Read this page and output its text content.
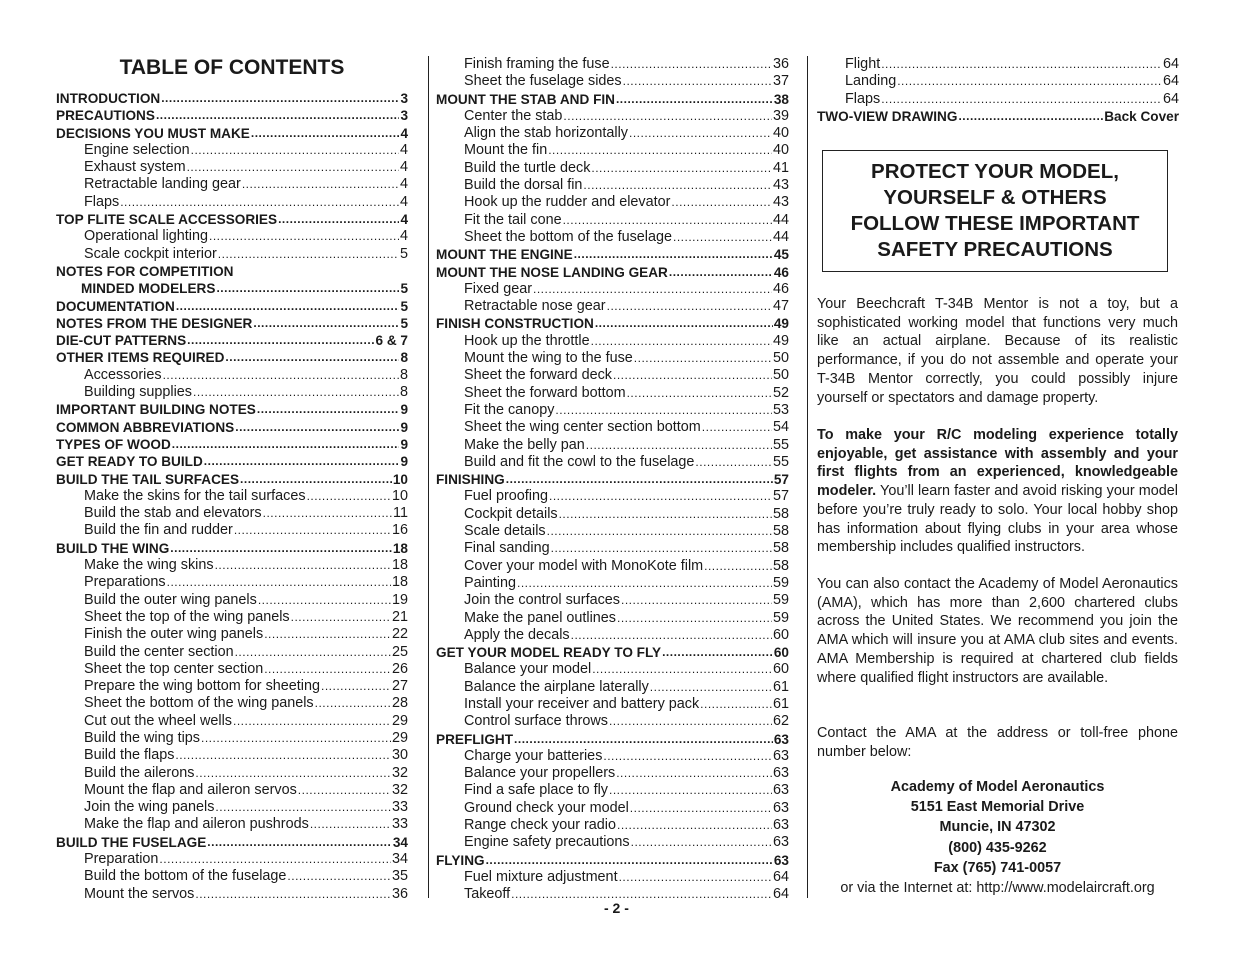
TABLE OF CONTENTS
INTRODUCTION .....	3
PRECAUTIONS .....	3
DECISIONS YOU MUST MAKE .....	4
Engine selection .....	4
Exhaust system .....	4
Retractable landing gear .....	4
Flaps .....	4
TOP FLITE SCALE ACCESSORIES .....	4
Operational lighting .....	4
Scale cockpit interior .....	5
NOTES FOR COMPETITION
MINDED MODELERS .....	5
DOCUMENTATION .....	5
NOTES FROM THE DESIGNER .....	5
DIE-CUT PATTERNS .....	6 & 7
OTHER ITEMS REQUIRED .....	8
Accessories .....	8
Building supplies .....	8
IMPORTANT BUILDING NOTES .....	9
COMMON ABBREVIATIONS .....	9
TYPES OF WOOD .....	9
GET READY TO BUILD .....	9
BUILD THE TAIL SURFACES .....	10
Make the skins for the tail surfaces .....	10
Build the stab and elevators .....	11
Build the fin and rudder .....	16
BUILD THE WING .....	18
Make the wing skins .....	18
Preparations .....	18
Build the outer wing panels .....	19
Sheet the top of the wing panels .....	21
Finish the outer wing panels .....	22
Build the center section .....	25
Sheet the top center section .....	26
Prepare the wing bottom for sheeting .....	27
Sheet the bottom of the wing panels .....	28
Cut out the wheel wells .....	29
Build the wing tips .....	29
Build the flaps .....	30
Build the ailerons .....	32
Mount the flap and aileron servos .....	32
Join the wing panels .....	33
Make the flap and aileron pushrods .....	33
BUILD THE FUSELAGE .....	34
Preparation .....	34
Build the bottom of the fuselage .....	35
Mount the servos .....	36
Finish framing the fuse .....	36
Sheet the fuselage sides .....	37
MOUNT THE STAB AND FIN .....	38
Center the stab .....	39
Align the stab horizontally .....	40
Mount the fin .....	40
Build the turtle deck .....	41
Build the dorsal fin .....	43
Hook up the rudder and elevator .....	43
Fit the tail cone .....	44
Sheet the bottom of the fuselage .....	44
MOUNT THE ENGINE .....	45
MOUNT THE NOSE LANDING GEAR .....	46
Fixed gear .....	46
Retractable nose gear .....	47
FINISH CONSTRUCTION .....	49
Hook up the throttle .....	49
Mount the wing to the fuse .....	50
Sheet the forward deck .....	50
Sheet the forward bottom .....	52
Fit the canopy .....	53
Sheet the wing center section bottom .....	54
Make the belly pan .....	55
Build and fit the cowl to the fuselage .....	55
FINISHING .....	57
Fuel proofing .....	57
Cockpit details .....	58
Scale details .....	58
Final sanding .....	58
Cover your model with MonoKote film .....	58
Painting .....	59
Join the control surfaces .....	59
Make the panel outlines .....	59
Apply the decals .....	60
GET YOUR MODEL READY TO FLY .....	60
Balance your model .....	60
Balance the airplane laterally .....	61
Install your receiver and battery pack .....	61
Control surface throws .....	62
PREFLIGHT .....	63
Charge your batteries .....	63
Balance your propellers .....	63
Find a safe place to fly .....	63
Ground check your model .....	63
Range check your radio .....	63
Engine safety precautions .....	63
FLYING .....	63
Fuel mixture adjustment .....	64
Takeoff .....	64
Flight .....	64
Landing .....	64
Flaps .....	64
TWO-VIEW DRAWING .....	Back Cover
PROTECT YOUR MODEL,
YOURSELF & OTHERS
FOLLOW THESE IMPORTANT
SAFETY PRECAUTIONS

Your Beechcraft T-34B Mentor is not a toy, but a sophisticated working model that functions very much like an actual airplane. Because of its realistic performance, if you do not assemble and operate your T-34B Mentor correctly, you could possibly injure yourself or spectators and damage property.

To make your R/C modeling experience totally enjoyable, get assistance with assembly and your first flights from an experienced, knowledgeable modeler. You’ll learn faster and avoid risking your model before you’re truly ready to solo. Your local hobby shop has information about flying clubs in your area whose membership includes qualified instructors.

You can also contact the Academy of Model Aeronautics (AMA), which has more than 2,600 chartered clubs across the United States. We recommend you join the AMA which will insure you at AMA club sites and events. AMA Membership is required at chartered club fields where qualified flight instructors are available.

Contact the AMA at the address or toll-free phone number below:

Academy of Model Aeronautics
5151 East Memorial Drive
Muncie, IN 47302
(800) 435-9262
Fax (765) 741-0057
or via the Internet at: http://www.modelaircraft.org
- 2 -
